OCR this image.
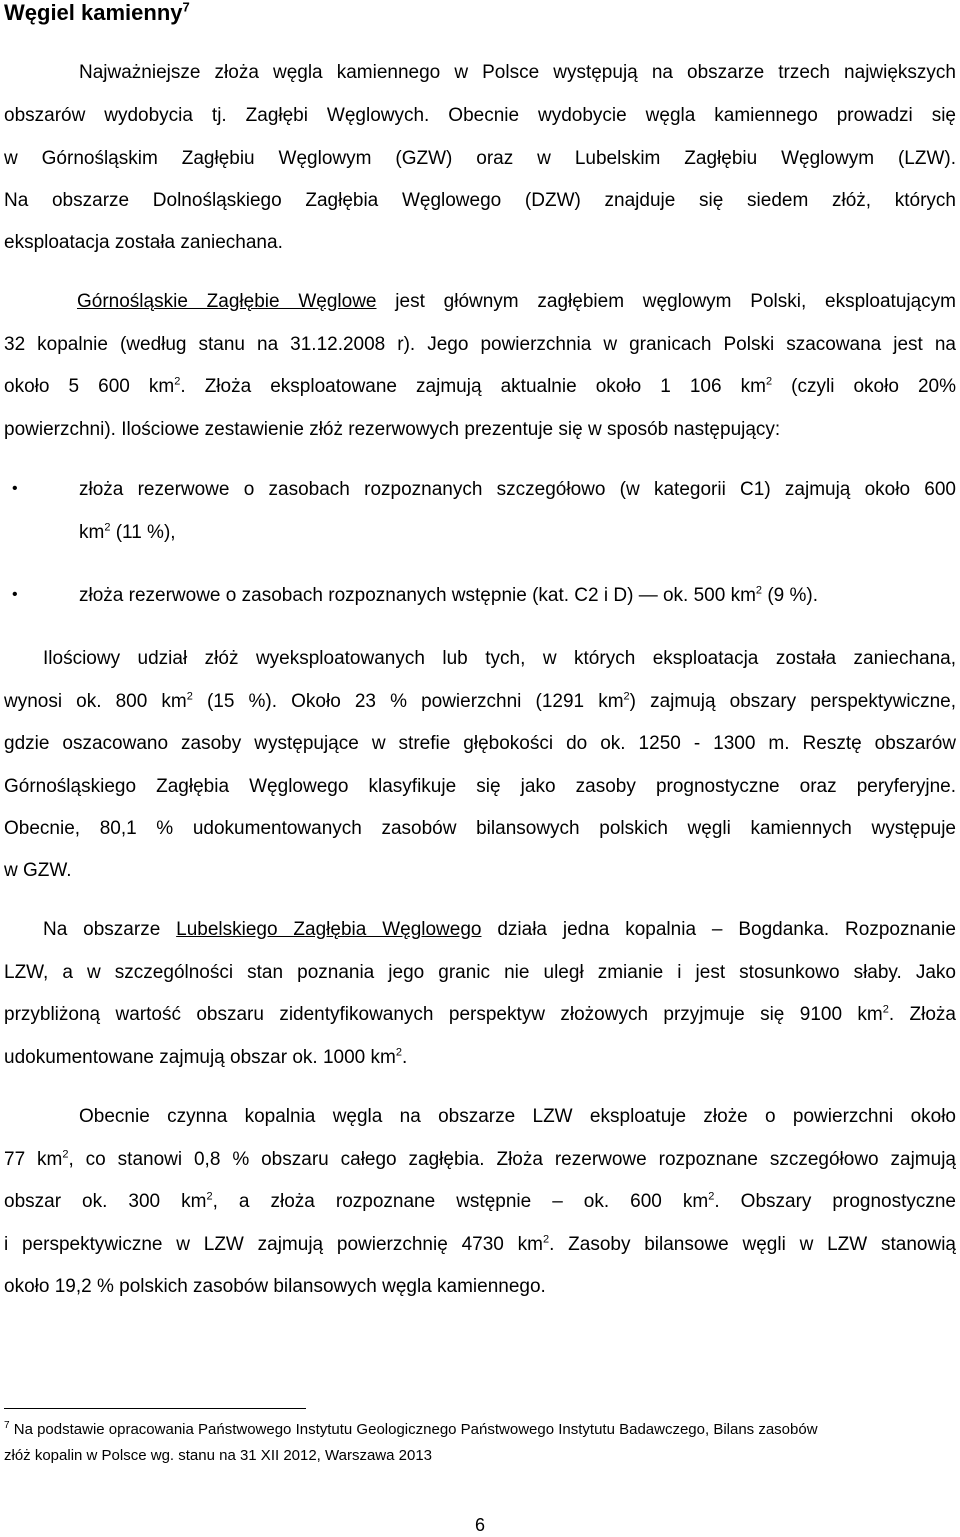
Węgiel kamienny$^7$
Najważniejsze złoża węgla kamiennego w Polsce występują na obszarze trzech największych
obszarów wydobycia tj. Zagłębi Węglowych. Obecnie wydobycie węgla kamiennego prowadzi się
w Górnośląskim Zagłębiu Węglowym (GZW) oraz w Lubelskim Zagłębiu Węglowym (LZW).
Na obszarze Dolnośląskiego Zagłębia Węglowego (DZW) znajduje się siedem złóż, których
eksploatacja została zaniechana.
Górnośląskie Zagłębie Węglowe jest głównym zagłębiem węglowym Polski, eksploatującym
32 kopalnie (według stanu na 31.12.2008 r). Jego powierzchnia w granicach Polski szacowana jest na
około 5 600 $km^2$. Złoża eksploatowane zajmują aktualnie około 1 106 $km^2$ (czyli około 20%
powierzchni). Ilościowe zestawienie złóż rezerwowych prezentuje się w sposób następujący:
•	złoża rezerwowe o zasobach rozpoznanych szczegółowo (w kategorii C1) zajmują około 600
$km^2$ (11 %),
•	złoża rezerwowe o zasobach rozpoznanych wstępnie (kat. C2 i D) — ok. 500 $km^2$ (9 %).
Ilościowy udział złóż wyeksploatowanych lub tych, w których eksploatacja została zaniechana,
wynosi ok. 800 $km^2$ (15 %). Około 23 % powierzchni (1291 $km^2$) zajmują obszary perspektywiczne,
gdzie oszacowano zasoby występujące w strefie głębokości do ok. 1250 - 1300 m. Resztę obszarów
Górnośląskiego Zagłębia Węglowego klasyfikuje się jako zasoby prognostyczne oraz peryferyjne.
Obecnie, 80,1 % udokumentowanych zasobów bilansowych polskich węgli kamiennych występuje
w GZW.
Na obszarze Lubelskiego Zagłębia Węglowego działa jedna kopalnia – Bogdanka. Rozpoznanie
LZW, a w szczególności stan poznania jego granic nie uległ zmianie i jest stosunkowo słaby. Jako
przybliżoną wartość obszaru zidentyfikowanych perspektyw złożowych przyjmuje się 9100 $km^2$. Złoża
udokumentowane zajmują obszar ok. 1000 $km^2$.
Obecnie czynna kopalnia węgla na obszarze LZW eksploatuje złoże o powierzchni około
77 $km^2$, co stanowi 0,8 % obszaru całego zagłębia. Złoża rezerwowe rozpoznane szczegółowo zajmują
obszar ok. 300 $km^2$, a złoża rozpoznane wstępnie – ok. 600 $km^2$. Obszary prognostyczne
i perspektywiczne w LZW zajmują powierzchnię 4730 $km^2$. Zasoby bilansowe węgli w LZW stanowią
około 19,2 % polskich zasobów bilansowych węgla kamiennego.
$^7$ Na podstawie opracowania Państwowego Instytutu Geologicznego Państwowego Instytutu Badawczego, Bilans zasobów
złóż kopalin w Polsce wg. stanu na 31 XII 2012, Warszawa 2013
6
